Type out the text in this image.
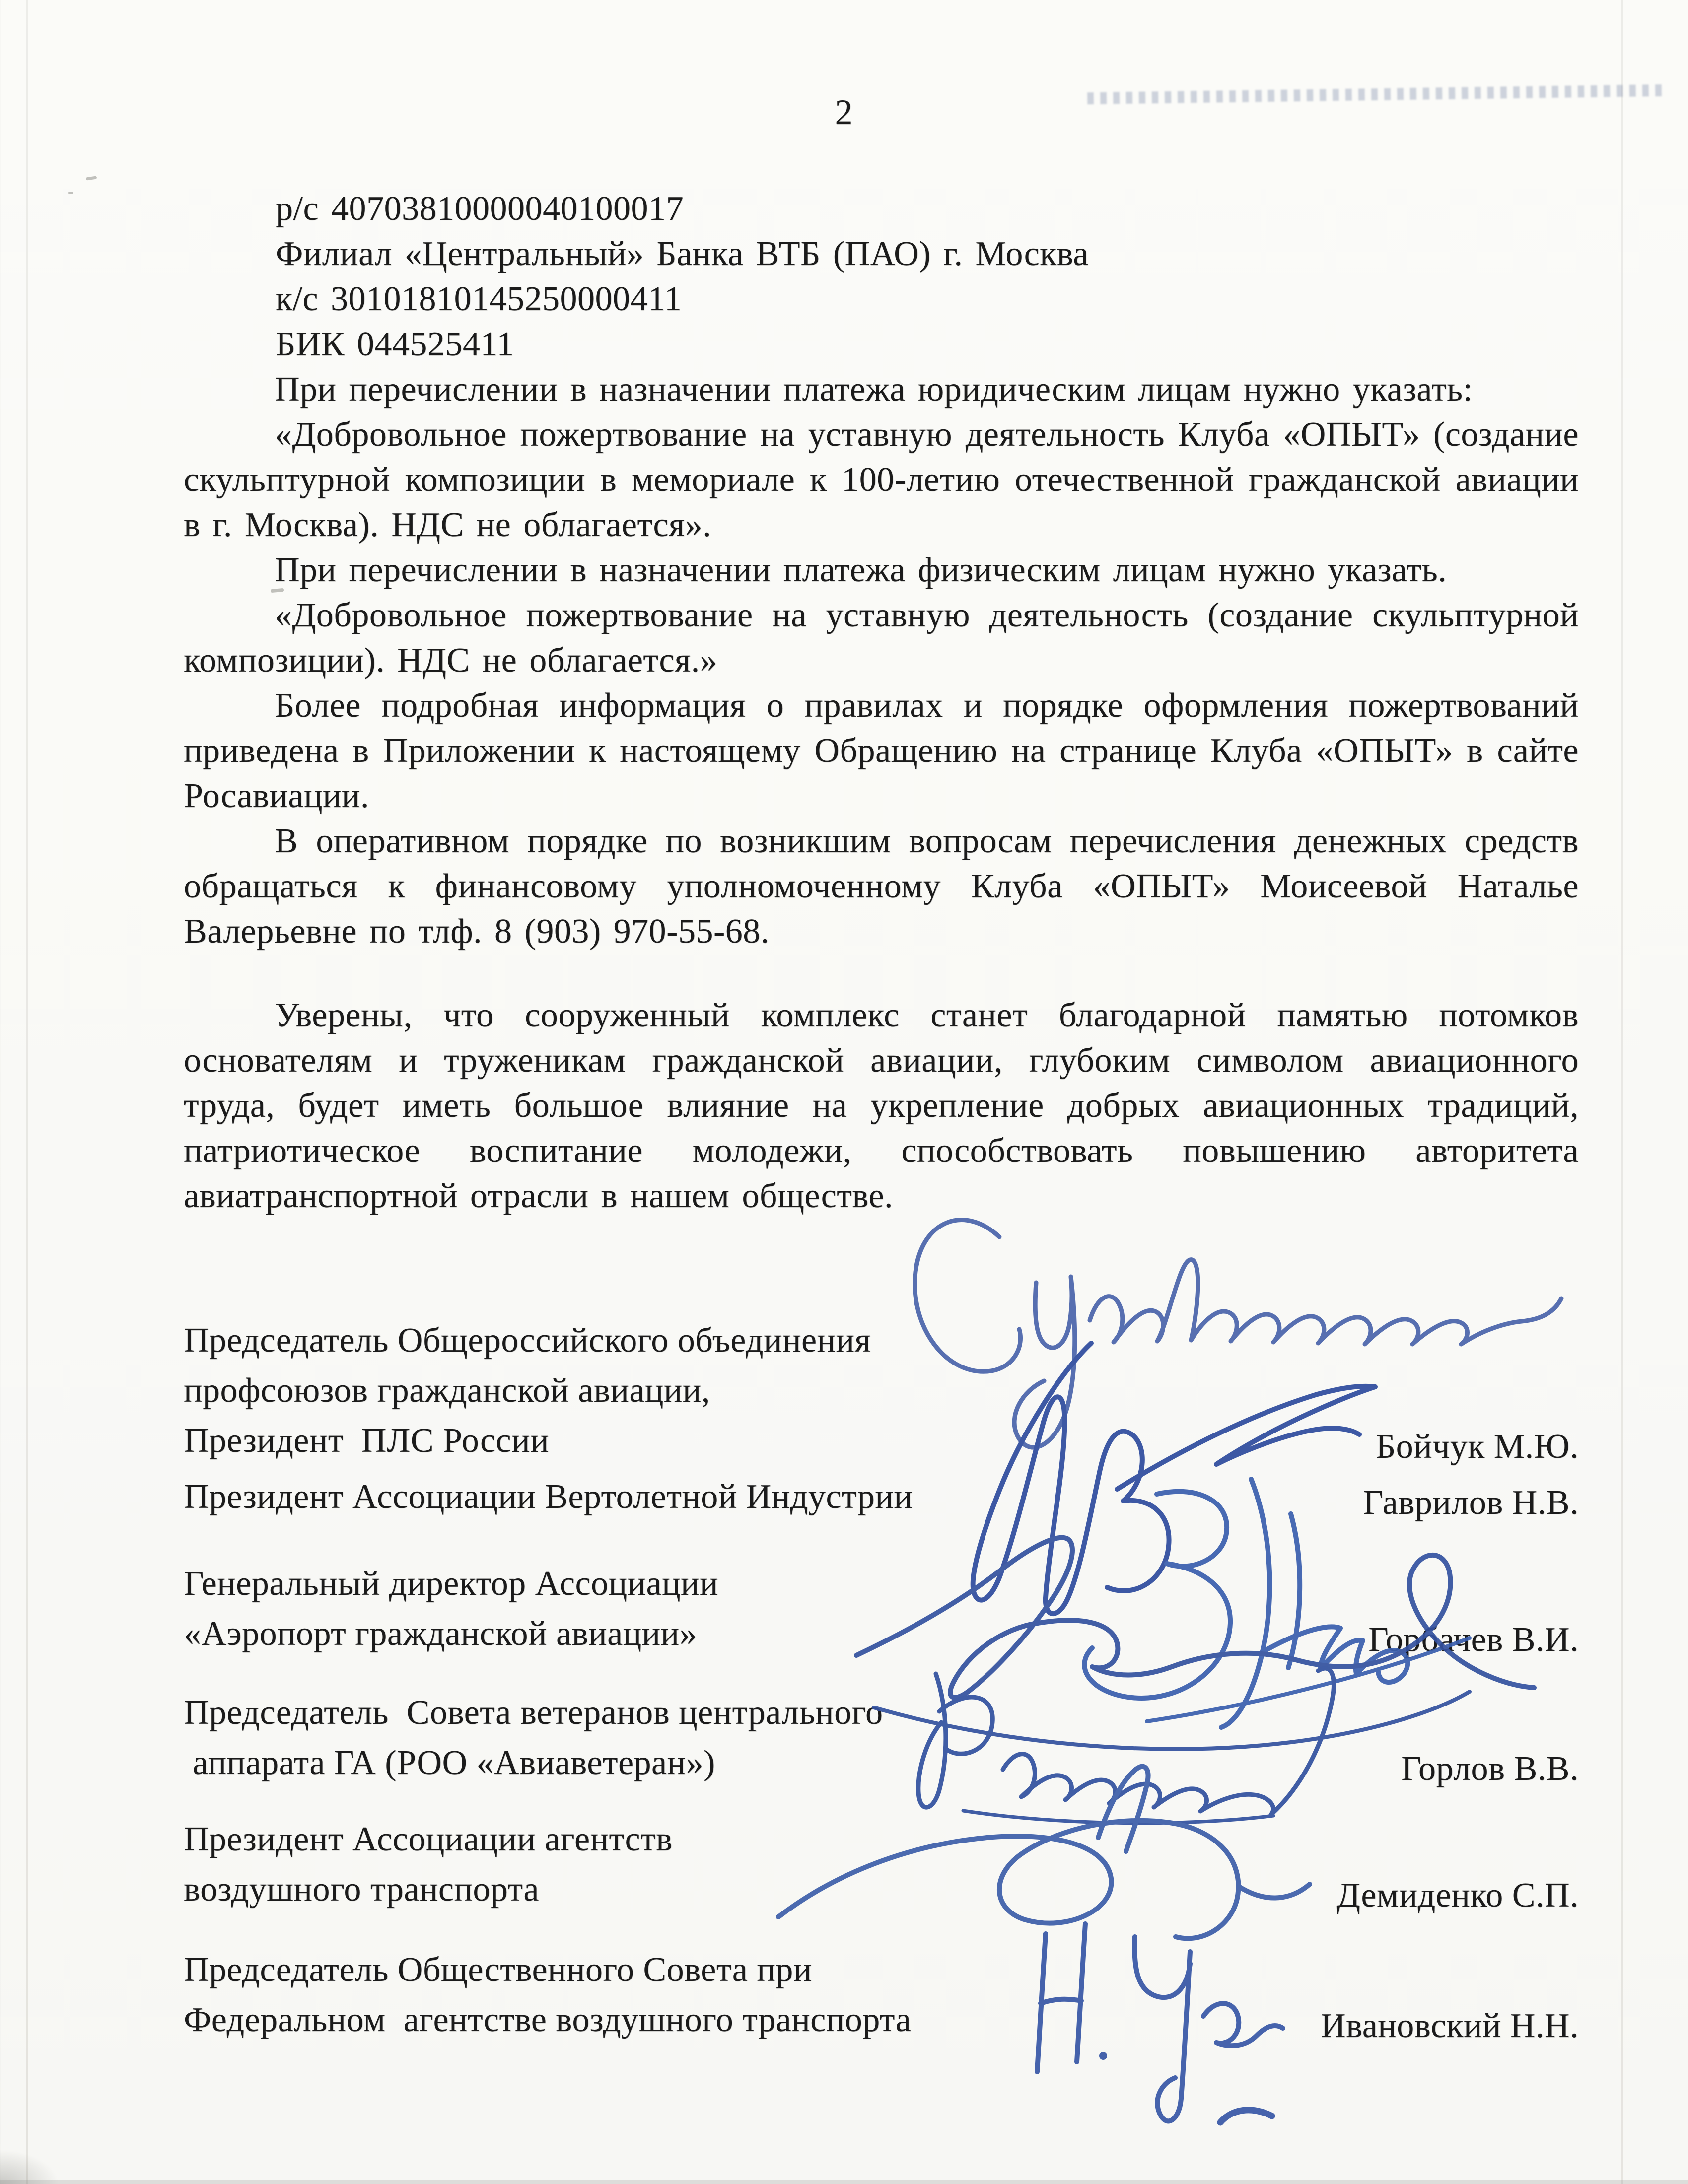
2
р/с 40703810000040100017
Филиал «Центральный» Банка ВТБ (ПАО) г. Москва
к/с 30101810145250000411
БИК 044525411

При перечислении в назначении платежа юридическим лицам нужно указать:

«Добровольное пожертвование на уставную деятельность Клуба «ОПЫТ» (создание скульптурной композиции в мемориале к 100-летию отечественной гражданской авиации в г. Москва). НДС не облагается».

При перечислении в назначении платежа физическим лицам нужно указать.

«Добровольное пожертвование на уставную деятельность (создание скульптурной композиции). НДС не облагается.»

Более подробная информация о правилах и порядке оформления пожертвований приведена в Приложении к настоящему Обращению на странице Клуба «ОПЫТ» в сайте Росавиации.

В оперативном порядке по возникшим вопросам перечисления денежных средств обращаться к финансовому уполномоченному Клуба «ОПЫТ» Моисеевой Наталье Валерьевне по тлф. 8 (903) 970-55-68.

Уверены, что сооруженный комплекс станет благодарной памятью потомков основателям и труженикам гражданской авиации, глубоким символом авиационного труда, будет иметь большое влияние на укрепление добрых авиационных традиций, патриотическое воспитание молодежи, способствовать повышению авторитета авиатранспортной отрасли в нашем обществе.

Председатель Общероссийского объединения
профсоюзов гражданской авиации,
Президент  ПЛС России	Бойчук М.Ю.
Президент Ассоциации Вертолетной Индустрии	Гаврилов Н.В.
Генеральный директор Ассоциации
«Аэропорт гражданской авиации»	Горбачев В.И.
Председатель  Совета ветеранов центрального
аппарата ГА (РОО «Авиаветеран»)	Горлов В.В.
Президент Ассоциации агентств
воздушного транспорта	Демиденко С.П.
Председатель Общественного Совета при
Федеральном  агентстве воздушного транспорта	Ивановский Н.Н.
